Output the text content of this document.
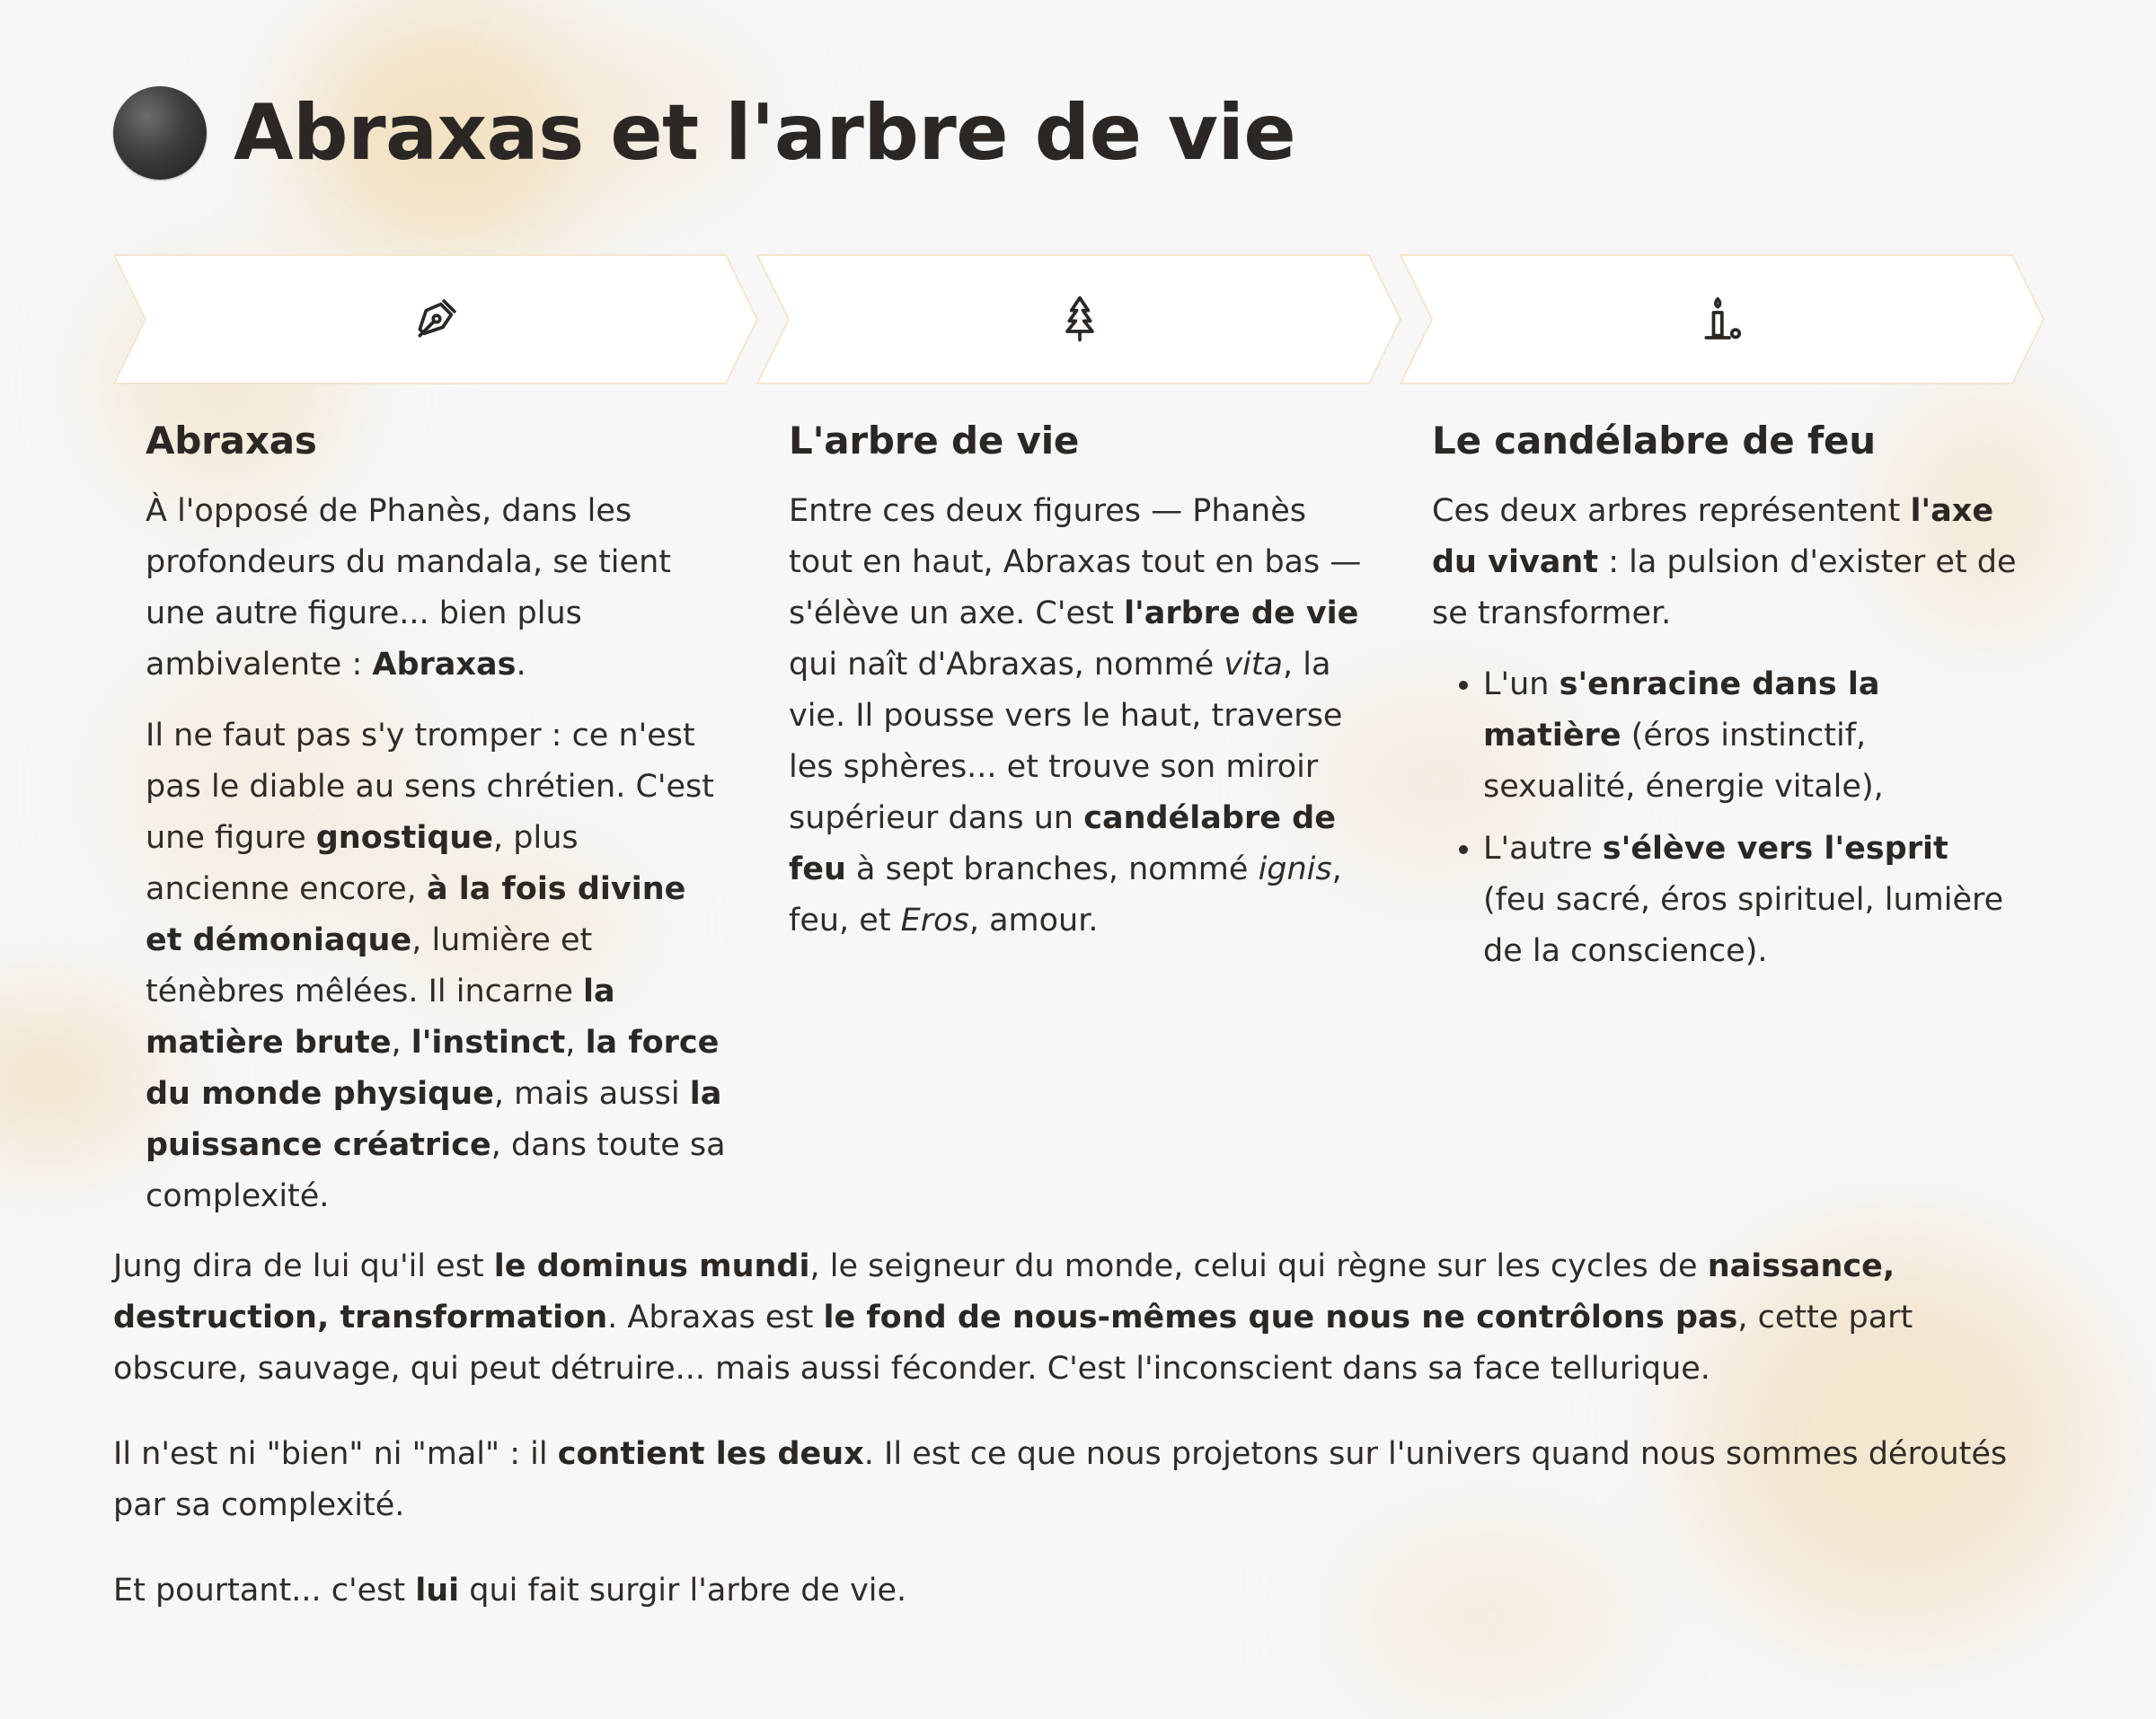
Abraxas et l'arbre de vie
Abraxas

À l'opposé de Phanès, dans les profondeurs du mandala, se tient une autre figure... bien plus ambivalente : Abraxas.

Il ne faut pas s'y tromper : ce n'est pas le diable au sens chrétien. C'est une figure gnostique, plus ancienne encore, à la fois divine et démoniaque, lumière et ténèbres mêlées. Il incarne la matière brute, l'instinct, la force du monde physique, mais aussi la puissance créatrice, dans toute sa complexité.

L'arbre de vie

Entre ces deux figures — Phanès tout en haut, Abraxas tout en bas — s'élève un axe. C'est l'arbre de vie qui naît d'Abraxas, nommé vita, la vie. Il pousse vers le haut, traverse les sphères... et trouve son miroir supérieur dans un candélabre de feu à sept branches, nommé ignis, feu, et Eros, amour.

Le candélabre de feu

Ces deux arbres représentent l'axe du vivant : la pulsion d'exister et de se transformer.

• L'un s'enracine dans la matière (éros instinctif, sexualité, énergie vitale),
• L'autre s'élève vers l'esprit (feu sacré, éros spirituel, lumière de la conscience).

Jung dira de lui qu'il est le dominus mundi, le seigneur du monde, celui qui règne sur les cycles de naissance, destruction, transformation. Abraxas est le fond de nous-mêmes que nous ne contrôlons pas, cette part obscure, sauvage, qui peut détruire... mais aussi féconder. C'est l'inconscient dans sa face tellurique.

Il n'est ni "bien" ni "mal" : il contient les deux. Il est ce que nous projetons sur l'univers quand nous sommes déroutés par sa complexité.

Et pourtant... c'est lui qui fait surgir l'arbre de vie.
